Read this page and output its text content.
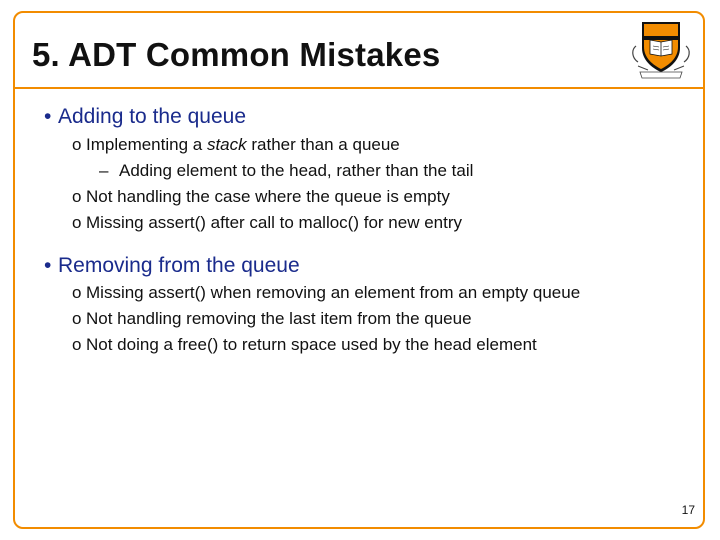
5. ADT Common Mistakes
• Adding to the queue
o Implementing a stack rather than a queue
– Adding element to the head, rather than the tail
o Not handling the case where the queue is empty
o Missing assert() after call to malloc() for new entry
• Removing from the queue
o Missing assert() when removing an element from an empty queue
o Not handling removing the last item from the queue
o Not doing a free() to return space used by the head element
17
